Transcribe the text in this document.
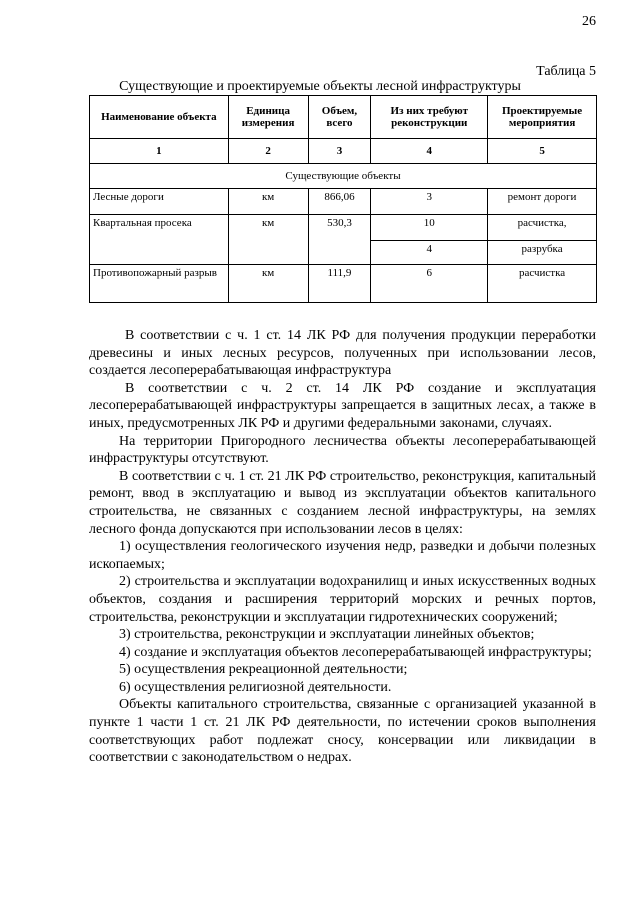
26
Таблица 5
Существующие и проектируемые объекты лесной инфраструктуры
Наименование объекта	Единица измерения	Объем, всего	Из них требуют реконструкции	Проектируемые мероприятия
1	2	3	4	5
Существующие объекты				
Лесные дороги	км	866,06	3	ремонт дороги
Квартальная просека	км	530,3	10	расчистка,
			4	разрубка
Противопожарный разрыв	км	111,9	6	расчистка

В соответствии с ч. 1 ст. 14 ЛК РФ для получения продукции переработки древесины и иных лесных ресурсов, полученных при использовании лесов, создается лесоперерабатывающая инфраструктура

В соответствии с ч. 2 ст. 14 ЛК РФ создание и эксплуатация лесоперерабатывающей инфраструктуры запрещается в защитных лесах, а также в иных, предусмотренных ЛК РФ и другими федеральными законами, случаях.

На территории Пригородного лесничества объекты лесоперерабатывающей инфраструктуры отсутствуют.

В соответствии с ч. 1 ст. 21 ЛК РФ строительство, реконструкция, капитальный ремонт, ввод в эксплуатацию и вывод из эксплуатации объектов капитального строительства, не связанных с созданием лесной инфраструктуры, на землях лесного фонда допускаются при использовании лесов в целях:

1) осуществления геологического изучения недр, разведки и добычи полезных ископаемых;

2) строительства и эксплуатации водохранилищ и иных искусственных водных объектов, создания и расширения территорий морских и речных портов, строительства, реконструкции и эксплуатации гидротехнических сооружений;

3) строительства, реконструкции и эксплуатации линейных объектов;

4) создание и эксплуатация объектов лесоперерабатывающей инфраструктуры;

5) осуществления рекреационной деятельности;

6) осуществления религиозной деятельности.

Объекты капитального строительства, связанные с организацией указанной в пункте 1 части 1 ст. 21 ЛК РФ деятельности, по истечении сроков выполнения соответствующих работ подлежат сносу, консервации или ликвидации в соответствии с законодательством о недрах.
